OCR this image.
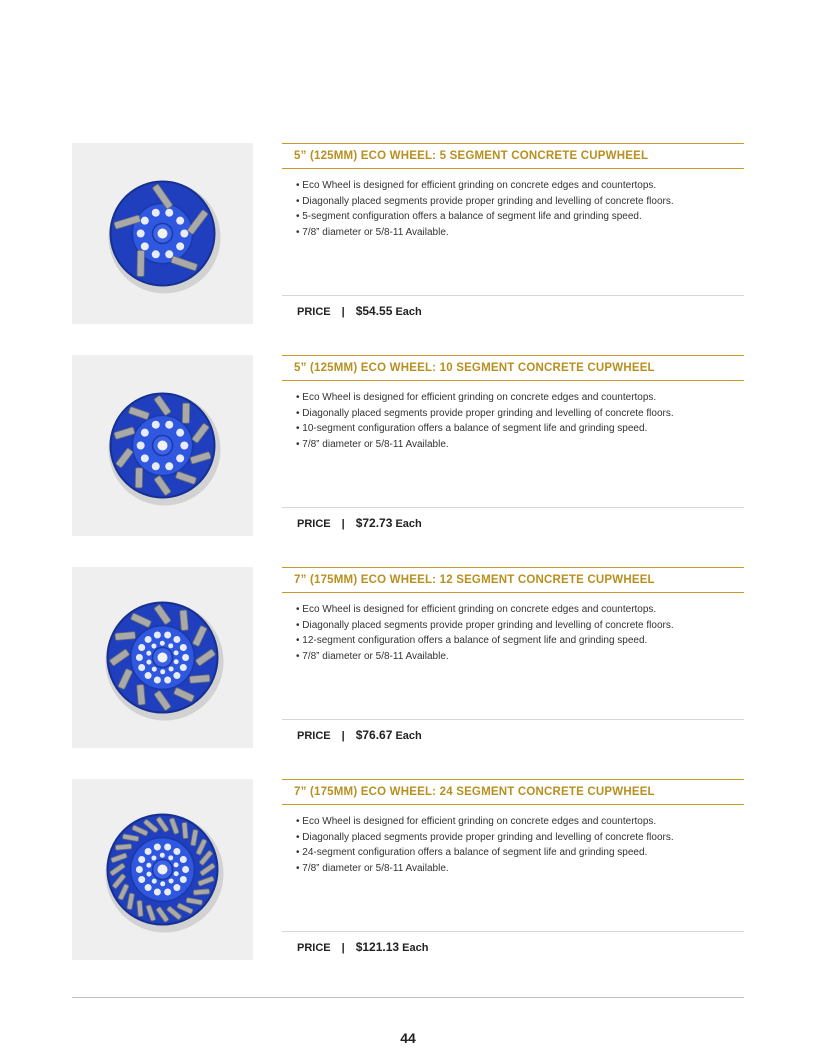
5” (125MM) ECO WHEEL: 5 SEGMENT CONCRETE CUPWHEEL
• Eco Wheel is designed for efficient grinding on concrete edges and countertops.
• Diagonally placed segments provide proper grinding and levelling of concrete floors.
• 5-segment configuration offers a balance of segment life and grinding speed.
• 7/8” diameter or 5/8-11 Available.
PRICE | $54.55 Each
5” (125MM) ECO WHEEL: 10 SEGMENT CONCRETE CUPWHEEL
• Eco Wheel is designed for efficient grinding on concrete edges and countertops.
• Diagonally placed segments provide proper grinding and levelling of concrete floors.
• 10-segment configuration offers a balance of segment life and grinding speed.
• 7/8” diameter or 5/8-11 Available.
PRICE | $72.73 Each
7” (175MM) ECO WHEEL: 12 SEGMENT CONCRETE CUPWHEEL
• Eco Wheel is designed for efficient grinding on concrete edges and countertops.
• Diagonally placed segments provide proper grinding and levelling of concrete floors.
• 12-segment configuration offers a balance of segment life and grinding speed.
• 7/8” diameter or 5/8-11 Available.
PRICE | $76.67 Each
7” (175MM) ECO WHEEL: 24 SEGMENT CONCRETE CUPWHEEL
• Eco Wheel is designed for efficient grinding on concrete edges and countertops.
• Diagonally placed segments provide proper grinding and levelling of concrete floors.
• 24-segment configuration offers a balance of segment life and grinding speed.
• 7/8” diameter or 5/8-11 Available.
PRICE | $121.13 Each
44
